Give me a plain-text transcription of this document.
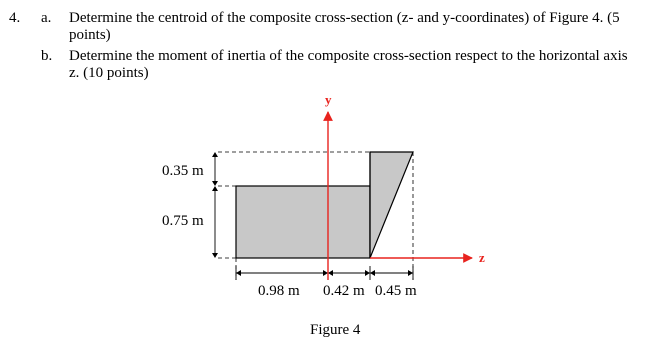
4. a. Determine the centroid of the composite cross-section (z- and y-coordinates) of Figure 4. (5 points)
b. Determine the moment of inertia of the composite cross-section respect to the horizontal axis z. (10 points)
y
z
0.35 m
0.75 m
0.98 m 0.42 m 0.45 m
Figure 4
